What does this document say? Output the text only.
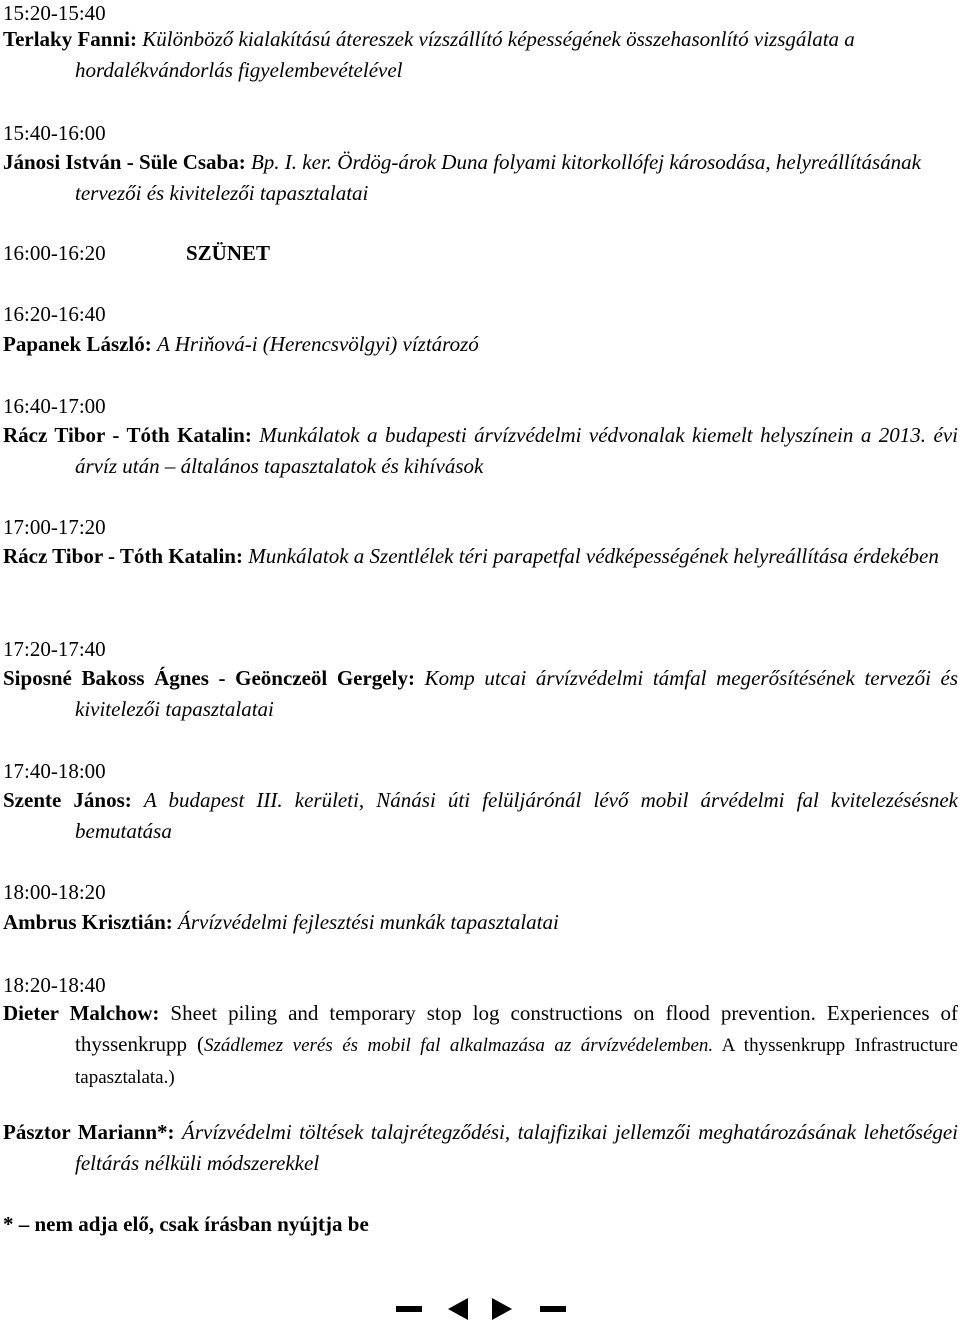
15:20-15:40
Terlaky Fanni: Különböző kialakítású átereszek vízszállító képességének összehasonlító vizsgálata a hordalékvándorlás figyelembevételével
15:40-16:00
Jánosi István - Süle Csaba: Bp. I. ker. Ördög-árok Duna folyami kitorkollófej károsodása, helyreállításának tervezői és kivitelezői tapasztalatai
16:00-16:20	SZÜNET
16:20-16:40
Papanek László: A Hriňová-i (Herencsvölgyi) víztározó
16:40-17:00
Rácz Tibor - Tóth Katalin: Munkálatok a budapesti árvízvédelmi védvonalak kiemelt helyszínein a 2013. évi árvíz után – általános tapasztalatok és kihívások
17:00-17:20
Rácz Tibor - Tóth Katalin: Munkálatok a Szentlélek téri parapetfal védképességének helyreállítása érdekében
17:20-17:40
Siposné Bakoss Ágnes - Geönczeöl Gergely: Komp utcai árvízvédelmi támfal megerősítésének tervezői és kivitelezői tapasztalatai
17:40-18:00
Szente János: A budapest III. kerületi, Nánási úti felüljárónál lévő mobil árvédelmi fal kvitelezésésnek bemutatása
18:00-18:20
Ambrus Krisztián: Árvízvédelmi fejlesztési munkák tapasztalatai
18:20-18:40
Dieter Malchow: Sheet piling and temporary stop log constructions on flood prevention. Experiences of thyssenkrupp (Szádlemez verés és mobil fal alkalmazása az árvízvédelemben. A thyssenkrupp Infrastructure tapasztalata.)
Pásztor Mariann*: Árvízvédelmi töltések talajrétegződési, talajfizikai jellemzői meghatározásának lehetőségei feltárás nélküli módszerekkel
* – nem adja elő, csak írásban nyújtja be
